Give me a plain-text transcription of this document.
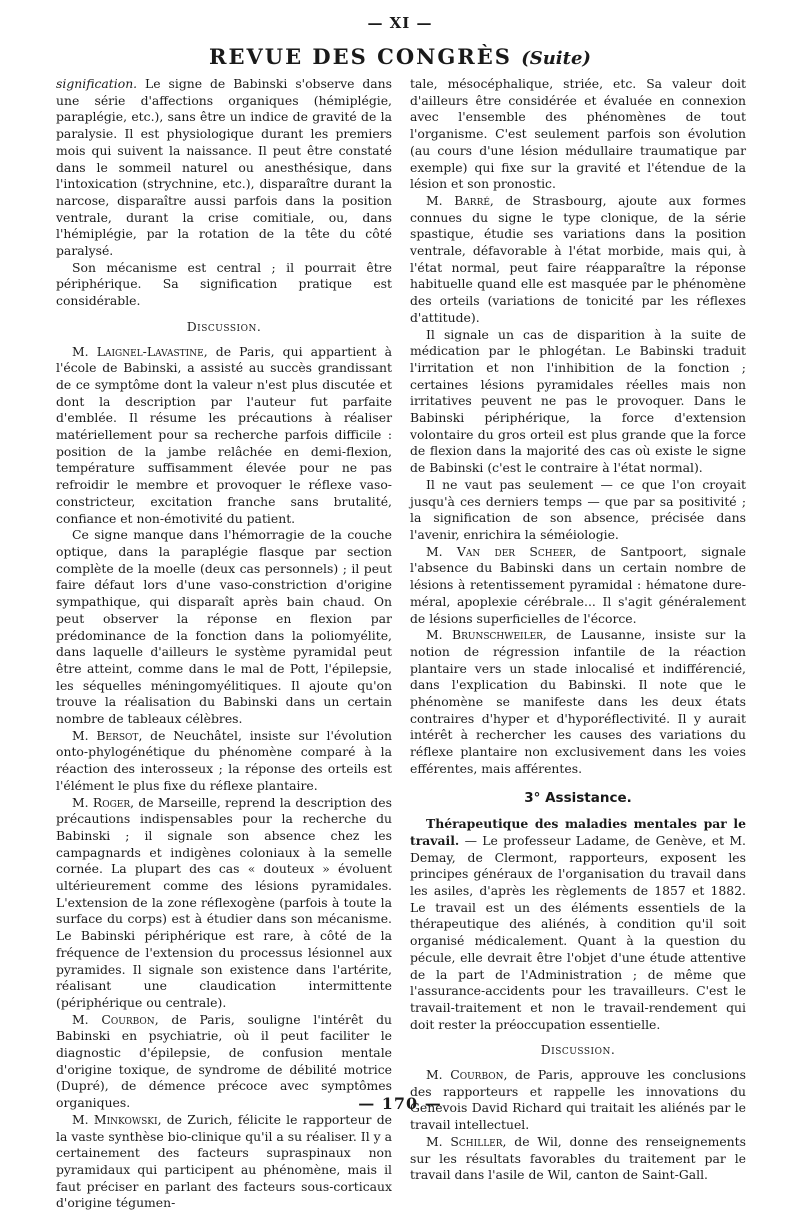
— XI —
REVUE DES CONGRÈS (Suite)

signification. Le signe de Babinski s'observe dans une série d'affections organiques (hémiplégie, paraplégie, etc.), sans être un indice de gravité de la paralysie. Il est physiologique durant les premiers mois qui suivent la naissance. Il peut être constaté dans le sommeil naturel ou anesthésique, dans l'intoxication (strychnine, etc.), disparaître durant la narcose, disparaître aussi parfois dans la position ventrale, durant la crise comitiale, ou, dans l'hémiplégie, par la rotation de la tête du côté paralysé.

Son mécanisme est central ; il pourrait être périphérique. Sa signification pratique est considérable.

Discussion.

M. Laignel-Lavastine, de Paris, qui appartient à l'école de Babinski, a assisté au succès grandissant de ce symptôme dont la valeur n'est plus discutée et dont la description par l'auteur fut parfaite d'emblée. Il résume les précautions à réaliser matériellement pour sa recherche parfois difficile : position de la jambe relâchée en demi-flexion, température suffisamment élevée pour ne pas refroidir le membre et provoquer le réflexe vaso-constricteur, excitation franche sans brutalité, confiance et non-émotivité du patient.

Ce signe manque dans l'hémorragie de la couche optique, dans la paraplégie flasque par section complète de la moelle (deux cas personnels) ; il peut faire défaut lors d'une vaso-constriction d'origine sympathique, qui disparaît après bain chaud. On peut observer la réponse en flexion par prédominance de la fonction dans la poliomyélite, dans laquelle d'ailleurs le système pyramidal peut être atteint, comme dans le mal de Pott, l'épilepsie, les séquelles méningomyélitiques. Il ajoute qu'on trouve la réalisation du Babinski dans un certain nombre de tableaux célèbres.

M. Bersot, de Neuchâtel, insiste sur l'évolution onto-phylogénétique du phénomène comparé à la réaction des interosseux ; la réponse des orteils est l'élément le plus fixe du réflexe plantaire.

M. Roger, de Marseille, reprend la description des précautions indispensables pour la recherche du Babinski ; il signale son absence chez les campagnards et indigènes coloniaux à la semelle cornée. La plupart des cas « douteux » évoluent ultérieurement comme des lésions pyramidales. L'extension de la zone réflexogène (parfois à toute la surface du corps) est à étudier dans son mécanisme. Le Babinski périphérique est rare, à côté de la fréquence de l'extension du processus lésionnel aux pyramides. Il signale son existence dans l'artérite, réalisant une claudication intermittente (périphérique ou centrale).

M. Courbon, de Paris, souligne l'intérêt du Babinski en psychiatrie, où il peut faciliter le diagnostic d'épilepsie, de confusion mentale d'origine toxique, de syndrome de débilité motrice (Dupré), de démence précoce avec symptômes organiques.

M. Minkowski, de Zurich, félicite le rapporteur de la vaste synthèse bio-clinique qu'il a su réaliser. Il y a certainement des facteurs supraspinaux non pyramidaux qui participent au phénomène, mais il faut préciser en parlant des facteurs sous-corticaux d'origine tégumen-

tale, mésocéphalique, striée, etc. Sa valeur doit d'ailleurs être considérée et évaluée en connexion avec l'ensemble des phénomènes de tout l'organisme. C'est seulement parfois son évolution (au cours d'une lésion médullaire traumatique par exemple) qui fixe sur la gravité et l'étendue de la lésion et son pronostic.

M. Barré, de Strasbourg, ajoute aux formes connues du signe le type clonique, de la série spastique, étudie ses variations dans la position ventrale, défavorable à l'état morbide, mais qui, à l'état normal, peut faire réapparaître la réponse habituelle quand elle est masquée par le phénomène des orteils (variations de tonicité par les réflexes d'attitude).

Il signale un cas de disparition à la suite de médication par le phlogétan. Le Babinski traduit l'irritation et non l'inhibition de la fonction ; certaines lésions pyramidales réelles mais non irritatives peuvent ne pas le provoquer. Dans le Babinski périphérique, la force d'extension volontaire du gros orteil est plus grande que la force de flexion dans la majorité des cas où existe le signe de Babinski (c'est le contraire à l'état normal).

Il ne vaut pas seulement — ce que l'on croyait jusqu'à ces derniers temps — que par sa positivité ; la signification de son absence, précisée dans l'avenir, enrichira la séméiologie.

M. Van der Scheer, de Santpoort, signale l'absence du Babinski dans un certain nombre de lésions à retentissement pyramidal : hématone dure-méral, apoplexie cérébrale... Il s'agit généralement de lésions superficielles de l'écorce.

M. Brunschweiler, de Lausanne, insiste sur la notion de régression infantile de la réaction plantaire vers un stade inlocalisé et indifférencié, dans l'explication du Babinski. Il note que le phénomène se manifeste dans les deux états contraires d'hyper et d'hyporéflectivité. Il y aurait intérêt à rechercher les causes des variations du réflexe plantaire non exclusivement dans les voies efférentes, mais afférentes.

3° Assistance.

Thérapeutique des maladies mentales par le travail. — Le professeur Ladame, de Genève, et M. Demay, de Clermont, rapporteurs, exposent les principes généraux de l'organisation du travail dans les asiles, d'après les règlements de 1857 et 1882. Le travail est un des éléments essentiels de la thérapeutique des aliénés, à condition qu'il soit organisé médicalement. Quant à la question du pécule, elle devrait être l'objet d'une étude attentive de la part de l'Administration ; de même que l'assurance-accidents pour les travailleurs. C'est le travail-traitement et non le travail-rendement qui doit rester la préoccupation essentielle.

Discussion.

M. Courbon, de Paris, approuve les conclusions des rapporteurs et rappelle les innovations du Genevois David Richard qui traitait les aliénés par le travail intellectuel.

M. Schiller, de Wil, donne des renseignements sur les résultats favorables du traitement par le travail dans l'asile de Wil, canton de Saint-Gall.

— 170 —
